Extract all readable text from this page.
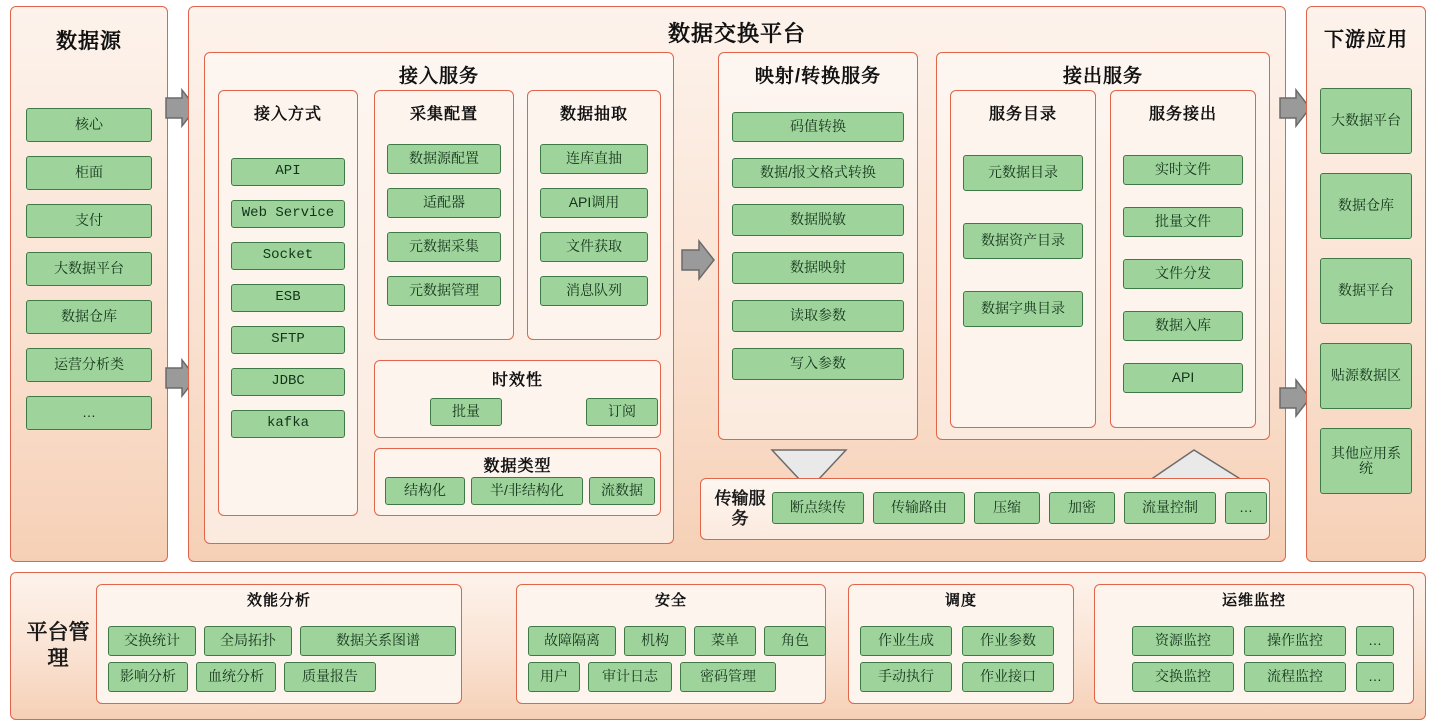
数据源
核心
柜面
支付
大数据平台
数据仓库
运营分析类
…
数据交换平台
接入服务
接入方式
API
Web Service
Socket
ESB
SFTP
JDBC
kafka
采集配置
数据源配置
适配器
元数据采集
元数据管理
数据抽取
连库直抽
API调用
文件获取
消息队列
时效性
批量	订阅
数据类型
结构化	半/非结构化	流数据
映射/转换服务
码值转换
数据/报文格式转换
数据脱敏
数据映射
读取参数
写入参数
接出服务
服务目录
元数据目录
数据资产目录
数据字典目录
服务接出
实时文件
批量文件
文件分发
数据入库
API
传输服务
断点续传	传输路由	压缩	加密	流量控制	…
下游应用
大数据平台
数据仓库
数据平台
贴源数据区
其他应用系统
平台管理
效能分析
交换统计	全局拓扑	数据关系图谱
影响分析	血统分析	质量报告
安全
故障隔离	机构	菜单	角色
用户	审计日志	密码管理
调度
作业生成	作业参数
手动执行	作业接口
运维监控
资源监控	操作监控	…
交换监控	流程监控	…
